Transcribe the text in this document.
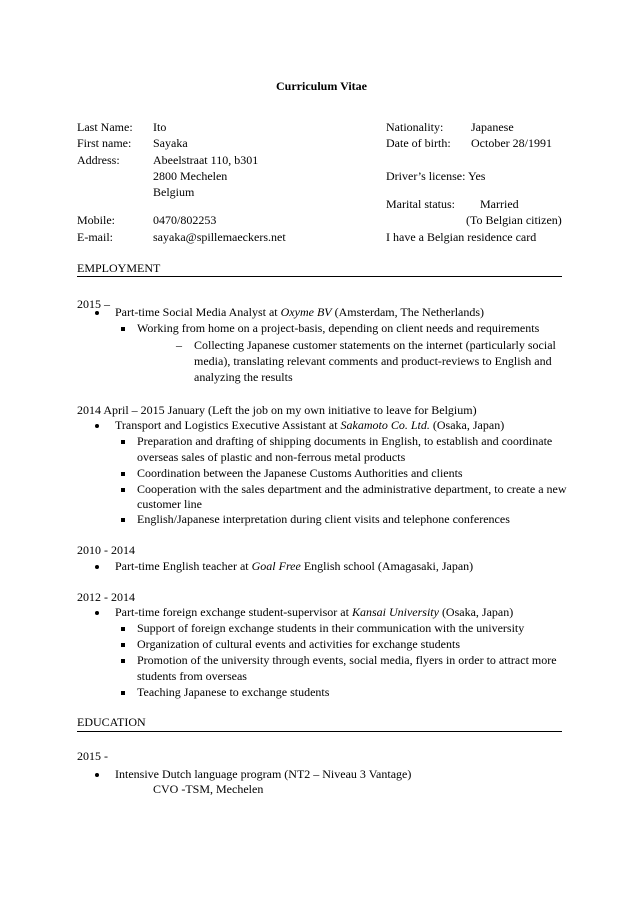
Curriculum Vitae
Last Name: Ito
First name: Sayaka
Address:	Abeelstraat 110, b301
2800 Mechelen
Belgium
Mobile:	0470/802253
E-mail:	sayaka@spillemaeckers.net
Nationality: Japanese
Date of birth: October 28/1991
Driver’s license: Yes
Marital status: Married
(To Belgian citizen)
I have a Belgian residence card
EMPLOYMENT
2015 –
Part-time Social Media Analyst at Oxyme BV (Amsterdam, The Netherlands)
Working from home on a project-basis, depending on client needs and requirements
– Collecting Japanese customer statements on the internet (particularly social
media), translating relevant comments and product-reviews to English and
analyzing the results
2014 April – 2015 January (Left the job on my own initiative to leave for Belgium)
Transport and Logistics Executive Assistant at Sakamoto Co. Ltd. (Osaka, Japan)
Preparation and drafting of shipping documents in English, to establish and coordinate
overseas sales of plastic and non-ferrous metal products
Coordination between the Japanese Customs Authorities and clients
Cooperation with the sales department and the administrative department, to create a new
customer line
English/Japanese interpretation during client visits and telephone conferences
2010 - 2014
Part-time English teacher at Goal Free English school (Amagasaki, Japan)
2012 - 2014
Part-time foreign exchange student-supervisor at Kansai University (Osaka, Japan)
Support of foreign exchange students in their communication with the university
Organization of cultural events and activities for exchange students
Promotion of the university through events, social media, flyers in order to attract more
students from overseas
Teaching Japanese to exchange students
EDUCATION
2015 -
Intensive Dutch language program (NT2 – Niveau 3 Vantage)
CVO -TSM, Mechelen
